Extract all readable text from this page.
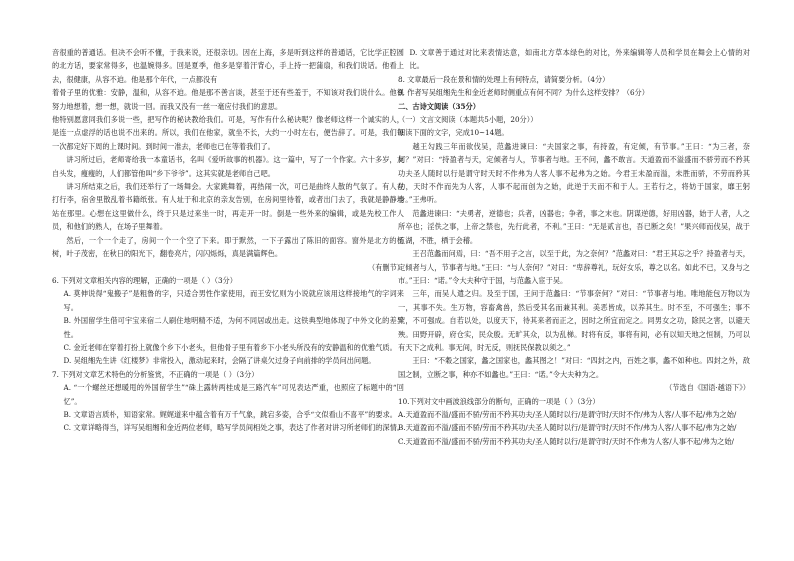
音很重的普通话。但决不会听不懂，于我来说，还很亲切。因在上海，多是听到这样的普通话，它比学正腔圆的北方话，要家常得多，也温婉得多。回是夏季，他多是穿着汗背心，手上持一把蒲扇，和我们说话。他看上去，很健康，从容不迫。他是那个年代，一点都没有

着骨子里的优雅：安静，温和，从容不迫。他是那不善言谈，甚至于还有些羞于，不知该对我们说什么。他很努力地想着，想一想，就说一回。而我又没有一丝一毫应付我们的意思。

他特别愿意同我们多说一些，把写作的秘诀教给我们。可是，写作有什么秘诀呢？像老师这样一个诚实的人，是连一点虚浮的话也说不出来的。所以，我们在他家，就坐不长，大约一小时左右，便告辞了。可是，我们每一次都定好下周的上课时间。到时间一准去，老师也已在等着我们了。

讲习所过后，老师寄给我一本童话书，名叫《爱听故事的机器》。这一篇中，写了一个作家。六十多岁，友自头发，瘦瘦的，人们都管他叫“乡下爷爷”。这其实就是老师自己吧。

讲习所结束之后，我们还举行了一场舞会。大家跳舞着，再热闹一次，可已是曲终人散的气氛了。有人在打行李，宿舍里散乱着书籍纸张。有人址于和北京的亲友告别，在房间里待着，或者出门去了，我就是静静地站在那里。心想在这里做什么，终于只是过来坐一时，再走开一时。倒是一些外来的编辑，或是先校工作人员，和他们的熟人，在场子里舞着。

然后，一个一个走了，房间一个一个空了下来。即于默然，一下子露出了陈旧的面容。窗外是北方的杨树，叶子茂密，在秋日的阳光下，翻卷亮片，闪闪烁烁，真是满篇辉色。

（有删节）

6. 下列对文章相关内容的理解，正确的一项是（ ）（3分）

A. 莫伸说得“鬼搬子”是粗鲁的字，只适合男性作家使用，而王安忆则为小说就应该用这样接地气的字词来写。

B. 外国留学生借可宇宝来宿二人刷住地明精不适，为何不同居或出走。这铁典型地体现了中外文化的差异性。

C. 金近老师在穿着打扮上就像个乡下小老头，但他骨子里有着乡下小老头所没有的安静温和的优雅气质。

D. 吴组缃先生讲《红楼梦》非常投入，激动起来时，会隔了讲桌欠过身子向前排的学员问出问题。

7. 下列对文章艺术特色的分析鉴赏，不正确的一项是（ ）（3分）

A. “一个螺丝还想暖甩的外国留学生”“硃上露转两桂成是三路汽车”可见表达严重，也照应了标题中的“回忆”。

B. 文章语言质朴，知语家常。娓娓道来中蕴含着有万千气象，跳宕多姿，合乎“文似看山不喜平”的要求。

C. 文章详略得当，详写吴组缃和金近两位老师，略写学员间相处之事，表达了作者对讲习所老师们的深情。

D. 文章善于通过对比来表情达意，如南北方草本绿色的对比，外来编辑等人员和学员在舞会上心情的对比。

8. 文章最后一段在景和情的处理上有何特点，请简要分析。（4分）

9. 作者写吴组缃先生和金近老师时侧重点有何不同？为什么这样安排？（6分）

二、古诗文阅读（35分）

（一）文言文阅读（本题共5小题，20分））

阅读下面的文字，完成10~14题。

越王勾践三年而欲伐吴，范蠡进谏曰：“夫国家之事，有持盈，有定倾，有节事。”王曰：“为三者，奈何？”对曰：“持盈者与天，定倾者与人，节事者与地。王不问，蠡不敢言。天道盈而不溢盛而不骄劳而不矜其功夫圣人随时以行是谓守时天时不作弗为人客人事不起弗为之始。今君王未盈而溢，未胜而骄，不劳而矜其功，天时不作而先为人客，人事不起而创为之始，此逆于天而不和于人。王若行之，将妨于国家，靡王躬身。”王弗听。

范蠡进谏曰：“夫勇者，逆德也；兵者，凶器也；争者，事之末也。阴谋逆德，好用凶器，始于人者，人之所卒也；淫佚之事，上帝之禁也，先行此者，不利。”王曰：“无是贰言也，吾已断之矣！”果兴师而伐吴，战于五湖，不胜，栖于会稽。

王召范蠡而问焉，曰：“吾不用子之言，以至于此，为之奈何？”范蠡对曰：“君王其忘之乎？持盈者与天，定倾者与人，节事者与地。”王曰：“与人奈何？”对曰：“卑辞尊礼，玩好女乐，尊之以名。如此不已，又身与之市。”王曰：“诺。”令大夫种守于国，与范蠡入宦于吴。

三年，而吴人遣之归。及至于国，王问于范蠡曰：“节事奈何？”对曰：“节事者与地。唯地能包万物以为一，其事不失。生万物，容畜禽兽，然后受其名而兼其利。美恶皆成，以养其生。时不至，不可强生；事不究，不可强成。自若以处，以度天下，待其来者而正之，因时之所宜而定之。同男女之功，除民之害，以避天殃。田野开辟，府仓实，民众殷。无旷其众，以为乱梯。时将有反，事将有间，必有以知天地之恒制，乃可以有天下之成利。事无间，时无反，则抚民保教以须之。”

王曰：“不穀之国家，蠡之国家也，蠡其图之！”对曰：“四封之内，百姓之事，蠡不如种也。四封之外，敌国之制，立断之事，种亦不如蠡也。”王曰：“诺。”令大夫种为之。

（节选自《国语·越语下》）

10.下列对文中画波浪线部分的断句，正确的一项是（ ）（3分）

A.天道盈而不溢/盛而不骄/劳而不矜其功夫/圣人随时以行/是谓守时/天时不作/弗为人客/人事不起/弗为之始/

B.天道盈而不溢/盛而不骄/劳而不矜其功/夫圣人随时以行/是谓守时/天时不作/弗为人客/人事不起/弗为之始/

C.天道盈而不溢/盛而不骄/劳而不矜其功夫/圣人随时以行/是谓守时/天时不作弗为人客/人事不起/弗为之始/
